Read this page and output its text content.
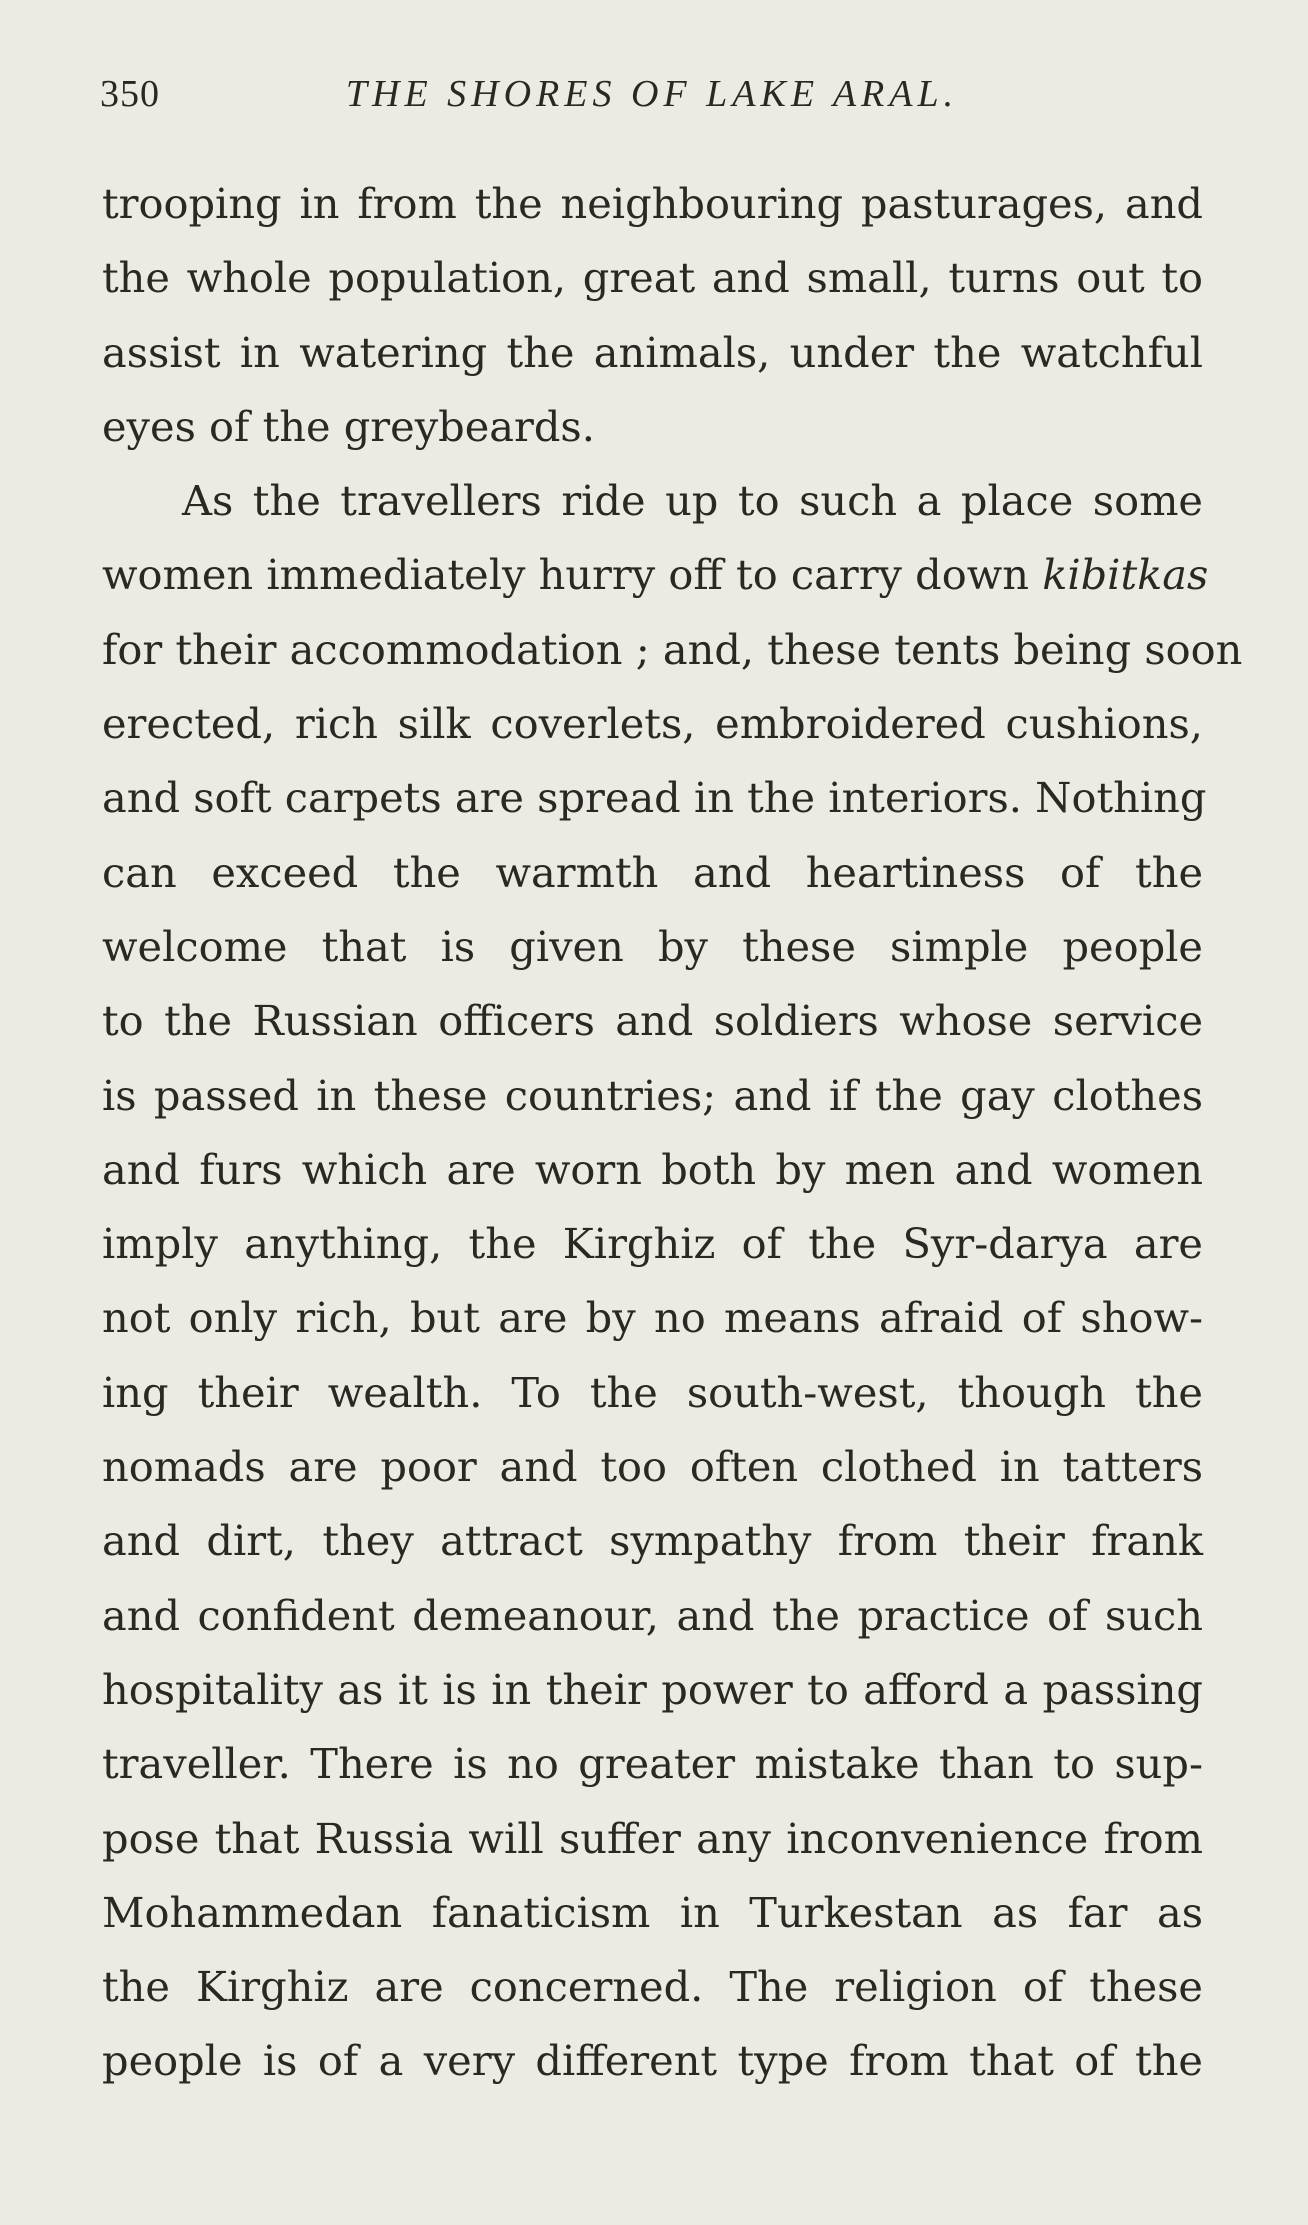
350	THE SHORES OF LAKE ARAL.
trooping in from the neighbouring pasturages, and
the whole population, great and small, turns out to
assist in watering the animals, under the watchful
eyes of the greybeards.
As the travellers ride up to such a place some
women immediately hurry off to carry down kibitkas
for their accommodation ; and, these tents being soon
erected, rich silk coverlets, embroidered cushions,
and soft carpets are spread in the interiors. Nothing
can exceed the warmth and heartiness of the
welcome that is given by these simple people
to the Russian officers and soldiers whose service
is passed in these countries; and if the gay clothes
and furs which are worn both by men and women
imply anything, the Kirghiz of the Syr-darya are
not only rich, but are by no means afraid of show-
ing their wealth. To the south-west, though the
nomads are poor and too often clothed in tatters
and dirt, they attract sympathy from their frank
and confident demeanour, and the practice of such
hospitality as it is in their power to afford a passing
traveller. There is no greater mistake than to sup-
pose that Russia will suffer any inconvenience from
Mohammedan fanaticism in Turkestan as far as
the Kirghiz are concerned. The religion of these
people is of a very different type from that of the
